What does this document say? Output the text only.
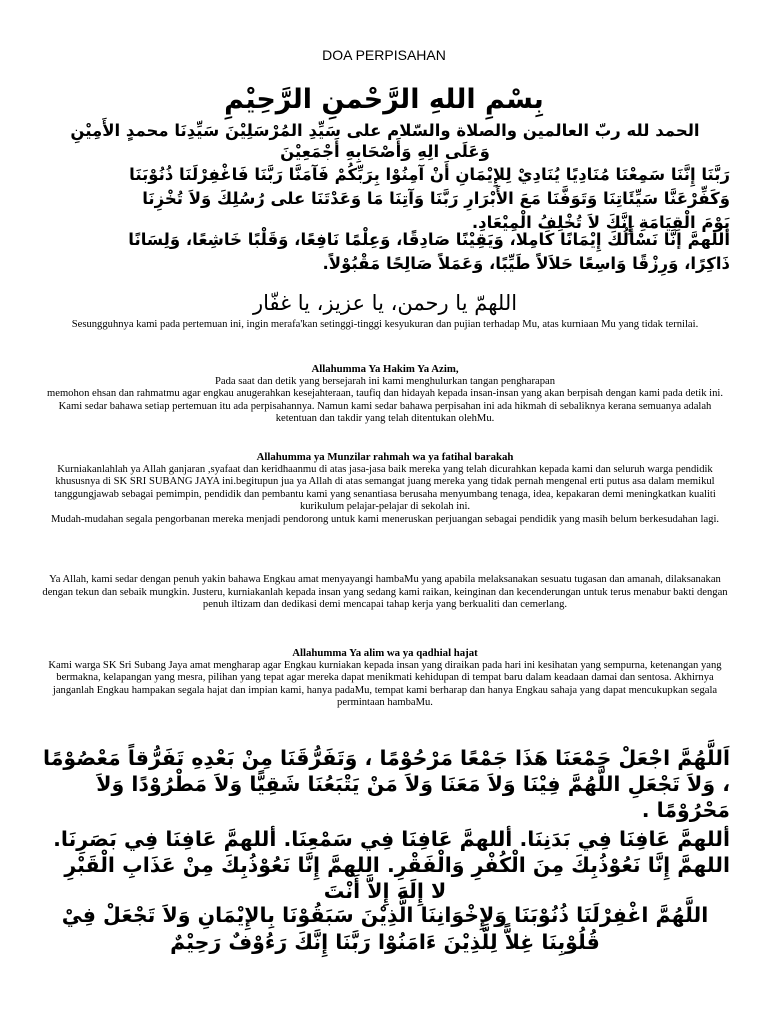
DOA PERPISAHAN
بِسْمِ اللهِ الرَّحْمنِ الرَّحِيْمِ

الحمد لله ربّ العالمين والصلاة والسّلام على سَيِّدِ المُرْسَلِيْنَ سَيِّدِنَا محمدٍ الأَمِيْنِ

وَعَلَى الِهِ وَأَصْحَابِهِ أَجْمَعِيْنَ

رَبَّنَا إِنَّنَا سَمِعْنَا مُنَادِيًا يُنَادِيْ لِلإِيْمَانِ أَنْ آمِنُوْا بِرَبِّكُمْ فَآمَنَّا رَبَّنَا فَاغْفِرْلَنَا ذُنُوْبَنَا

وَكَفِّرْعَنَّا سَيِّئَاتِنَا وَتَوَفَّنَا مَعَ الأَبْرَارِ رَبَّنَا وَآتِنَا مَا وَعَدْتَنَا على رُسُلِكَ وَلاَ تُخْزِنَا

يَوْمَ الْقِيَامَةِ إِنَّكَ لاَ تُخْلِفُ الْمِيْعَادِ.

أللهمَّ إنَّا نَسْأَلُكَ إِيْمَانًا كَامِلا، وَيَقِيْنًا صَادِقًا، وَعِلْمًا نَافِعًا، وَقَلْبًا خَاشِعًا، وَلِسَانًا

ذَاكِرًا، وَرِزْقًا وَاسِعًا حَلاَلاً طَيِّبًا، وَعَمَلاً صَالِحًا مَقْبُوْلاً.

اللهمّ يا رحمن، يا عزيز، يا غفّار

Sesungguhnya kami pada pertemuan ini, ingin merafa'kan setinggi-tinggi kesyukuran dan pujian terhadap Mu, atas kurniaan Mu yang tidak ternilai.

Allahumma Ya Hakim Ya Azim,

Pada saat dan detik yang bersejarah ini kami menghulurkan tangan pengharapan

memohon ehsan dan rahmatmu agar engkau anugerahkan kesejahteraan, taufiq dan hidayah kepada insan-insan yang akan berpisah dengan kami pada detik ini. Kami sedar bahawa setiap pertemuan itu ada perpisahannya. Namun kami sedar bahawa perpisahan ini ada hikmah di sebaliknya kerana semuanya adalah ketentuan dan takdir yang telah ditentukan olehMu.

Allahumma ya Munzilar rahmah wa ya fatihal barakah

Kurniakanlahlah ya Allah ganjaran ,syafaat dan keridhaanmu di atas jasa-jasa baik mereka yang telah dicurahkan kepada kami dan seluruh warga pendidik khususnya di SK SRI SUBANG JAYA ini.begitupun jua ya Allah di atas semangat juang mereka yang tidak pernah mengenal erti putus asa dalam memikul tanggungjawab sebagai pemimpin, pendidik dan pembantu kami yang senantiasa berusaha menyumbang tenaga, idea, kepakaran demi meningkatkan kualiti kurikulum pelajar-pelajar di sekolah ini.

Mudah-mudahan segala pengorbanan mereka menjadi pendorong untuk kami meneruskan perjuangan sebagai pendidik yang masih belum berkesudahan lagi.

Ya Allah, kami sedar dengan penuh yakin bahawa Engkau amat menyayangi hambaMu yang apabila melaksanakan sesuatu tugasan dan amanah, dilaksanakan dengan tekun dan sebaik mungkin. Justeru, kurniakanlah kepada insan yang sedang kami raikan, keinginan dan kecenderungan untuk terus menabur bakti dengan penuh iltizam dan dedikasi demi mencapai tahap kerja yang berkualiti dan cemerlang.

Allahumma Ya alim wa ya qadhial hajat

Kami warga SK Sri Subang Jaya amat mengharap agar Engkau kurniakan kepada insan yang diraikan pada hari ini kesihatan yang sempurna, ketenangan yang bermakna, kelapangan yang mesra, pilihan yang tepat agar mereka dapat menikmati kehidupan di tempat baru dalam keadaan damai dan sentosa. Akhirnya janganlah Engkau hampakan segala hajat dan impian kami, hanya padaMu, tempat kami berharap dan hanya Engkau sahaja yang dapat mencukupkan segala permintaan hambaMu.

اَللَّهُمَّ اجْعَلْ جَمْعَنَا هَذَا جَمْعًا مَرْحُوْمًا ، وَتَفَرُّقَنَا مِنْ بَعْدِهِ تَفَرُّقاً مَعْصُوْمًا

، وَلاَ تَجْعَلِ اللَّهُمَّ فِيْنَا وَلاَ مَعَنَا وَلاَ مَنْ يَتْبَعُنَا شَقِيًّا وَلاَ مَطْرُوْدًا وَلاَ

مَحْرُوْمًا .

أللهمَّ عَافِنَا فِي بَدَنِنَا. أللهمَّ عَافِنَا فِي سَمْعِنَا. أللهمَّ عَافِنَا فِي بَصَرِنَا.

اللهمَّ إِنَّا نَعُوْذُبِكَ مِنَ الْكُفْرِ وَالْفَقْرِ. اللهمَّ إِنَّا نَعُوْذُبِكَ مِنْ عَذَابِ الْقَبْرِ

لا إِلَهَ إِلاَّ أَنْتَ

اللَّهُمَّ اغْفِرْلَنَا ذُنُوْبَنَا وَلإِخْوَانِنَا الَّذِيْنَ سَبَقُوْنَا بِالإِيْمَانِ وَلاَ تَجْعَلْ فِيْ

قُلُوْبِنَا غِلاًّ لِلَّذِيْنَ ءَامَنُوْا رَبَّنَا إِنَّكَ رَءُوْفٌ رَحِيْمٌ
